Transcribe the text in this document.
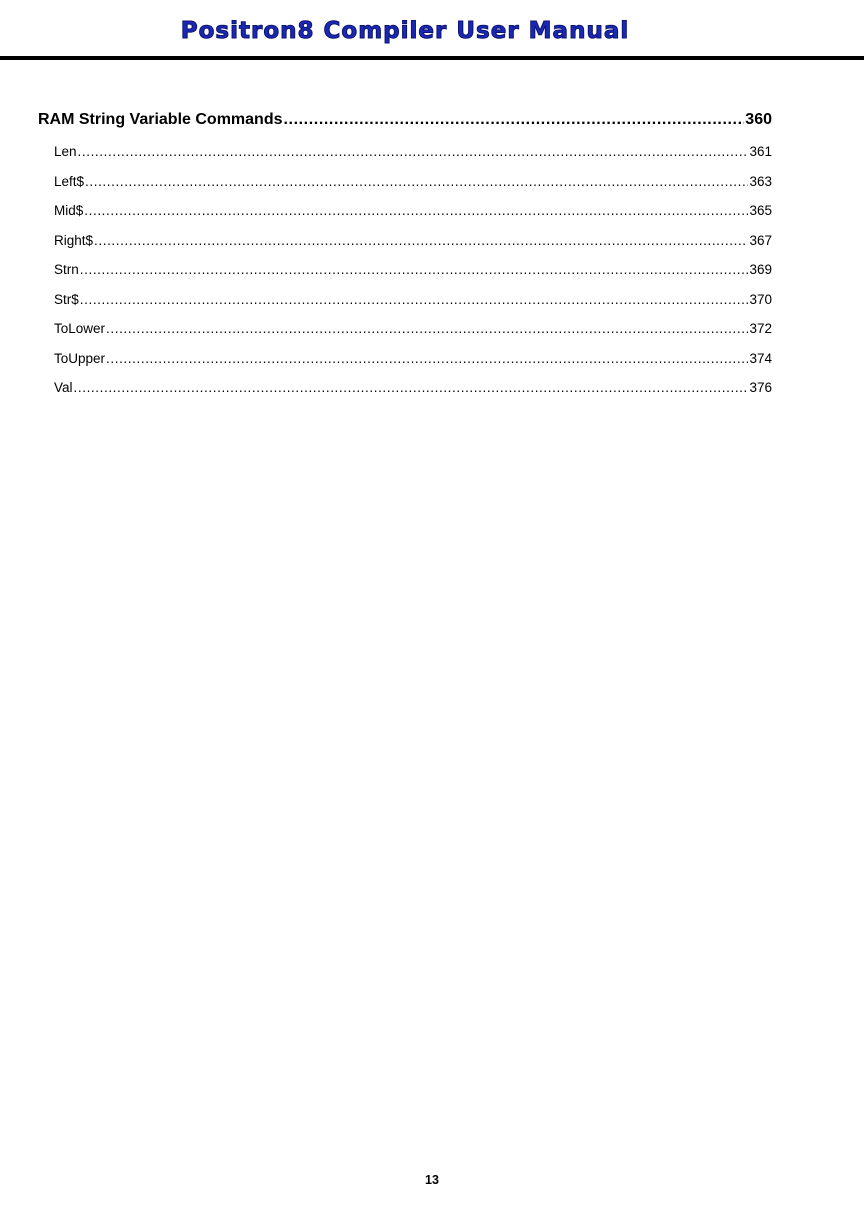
Positron8 Compiler User Manual
RAM String Variable Commands .....	360
Len .....	361
Left$ .....	363
Mid$ .....	365
Right$ .....	367
Strn .....	369
Str$ .....	370
ToLower .....	372
ToUpper .....	374
Val .....	376
13
